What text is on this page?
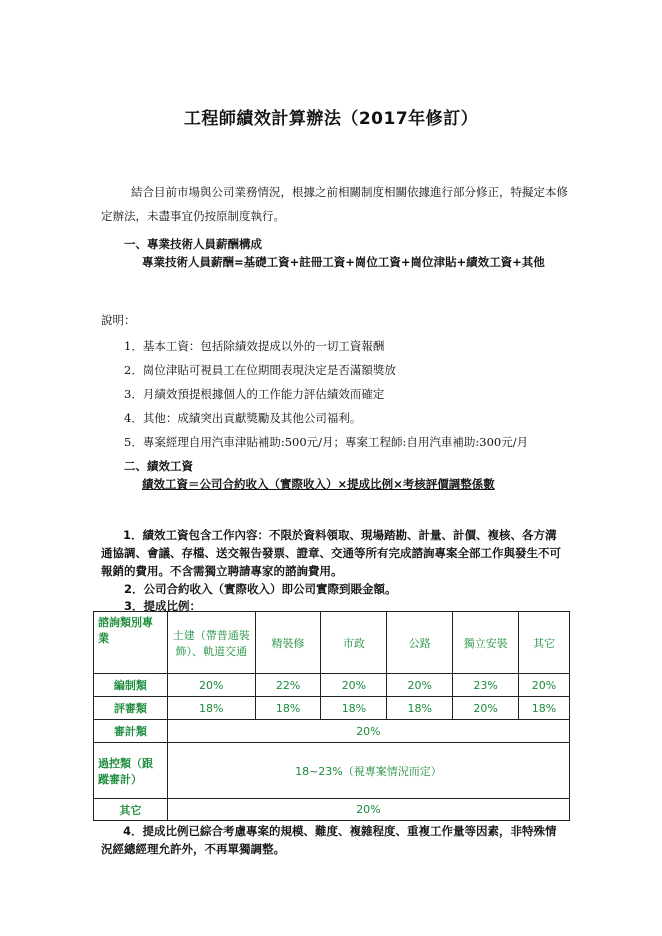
工程師績效計算辦法（2017年修訂）
結合目前市場與公司業務情況，根據之前相關制度相關依據進行部分修正，特擬定本修定辦法，未盡事宜仍按原制度執行。
一、專業技術人員薪酬構成
專業技術人員薪酬=基礎工資+註冊工資+崗位工資+崗位津貼+績效工資+其他
說明：
1．基本工資：包括除績效提成以外的一切工資報酬
2．崗位津貼可視員工在位期間表現決定是否滿額獎放
3．月績效預提根據個人的工作能力評估績效而確定
4．其他：成績突出貢獻獎勵及其他公司福利。
5．專案經理自用汽車津貼補助:500元/月；專案工程師:自用汽車補助:300元/月
二、績效工資
績效工資＝公司合約收入（實際收入）×提成比例×考核評價調整係數
1．績效工資包含工作內容：不限於資料領取、現場踏勘、計量、計價、複核、各方溝通協調、會議、存檔、送交報告發票、證章、交通等所有完成諮詢專案全部工作與發生不可報銷的費用。不含需獨立聘請專家的諮詢費用。
2．公司合約收入（實際收入）即公司實際到賬金額。
3．提成比例：
諮詢類別專業	土建（帶普通裝飾）、軌道交通	精裝修	市政	公路	獨立安裝	其它
編制類	20%	22%	20%	20%	23%	20%
評審類	18%	18%	18%	18%	20%	18%
審計類	20%					
過控類（跟蹤審計）	18~23%（視專案情況而定）					
其它	20%					
4．提成比例已綜合考慮專案的規模、難度、複雜程度、重複工作量等因素，非特殊情況經總經理允許外，不再單獨調整。
